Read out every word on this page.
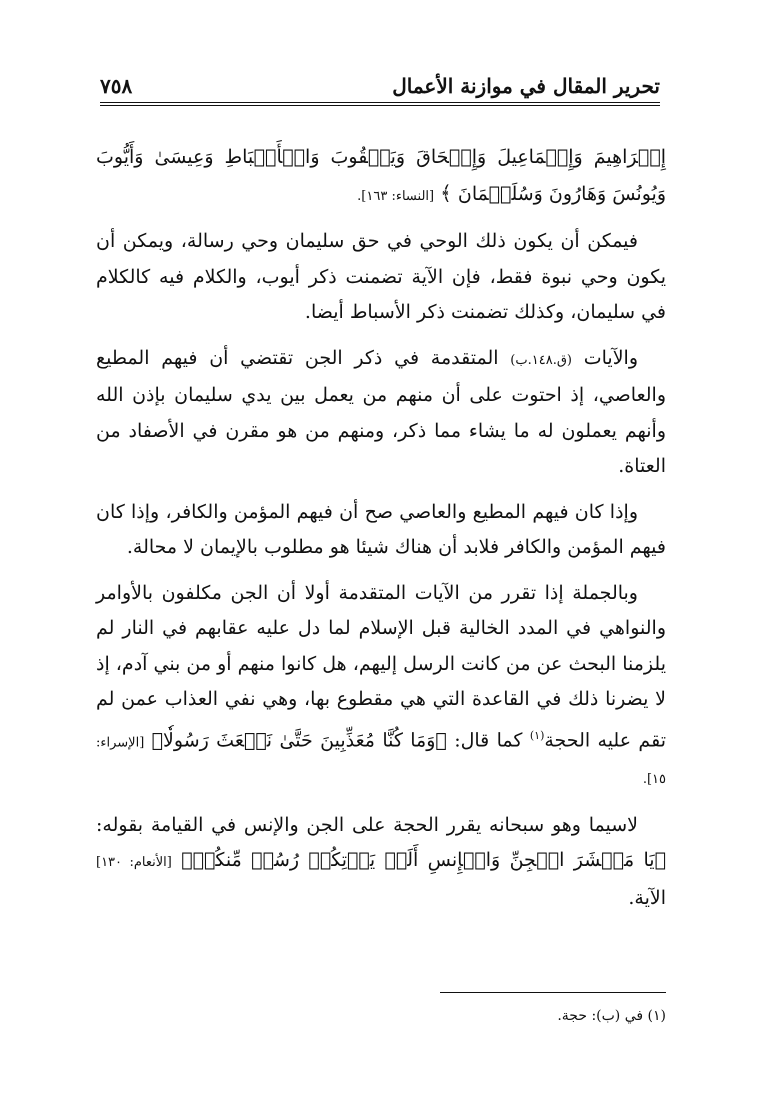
٧٥٨	تحرير المقال في موازنة الأعمال

إِبۡرَاهِيمَ وَإِسۡمَاعِيلَ وَإِسۡحَاقَ وَيَعۡقُوبَ وَالۡأَسۡبَاطِ وَعِيسَىٰ وَأَيُّوبَ وَيُونُسَ وَهَارُونَ وَسُلَيۡمَانَ ﴾ [النساء: ١٦٣].

فيمكن أن يكون ذلك الوحي في حق سليمان وحي رسالة، ويمكن أن يكون وحي نبوة فقط، فإن الآية تضمنت ذكر أيوب، والكلام فيه كالكلام في سليمان، وكذلك تضمنت ذكر الأسباط أيضا.

والآيات (ق.١٤٨.ب) المتقدمة في ذكر الجن تقتضي أن فيهم المطيع والعاصي، إذ احتوت على أن منهم من يعمل بين يدي سليمان بإذن الله وأنهم يعملون له ما يشاء مما ذكر، ومنهم من هو مقرن في الأصفاد من العتاة.

وإذا كان فيهم المطيع والعاصي صح أن فيهم المؤمن والكافر، وإذا كان فيهم المؤمن والكافر فلابد أن هناك شيئا هو مطلوب بالإيمان لا محالة.

وبالجملة إذا تقرر من الآيات المتقدمة أولا أن الجن مكلفون بالأوامر والنواهي في المدد الخالية قبل الإسلام لما دل عليه عقابهم في النار لم يلزمنا البحث عن من كانت الرسل إليهم، هل كانوا منهم أو من بني آدم، إذ لا يضرنا ذلك في القاعدة التي هي مقطوع بها، وهي نفي العذاب عمن لم تقم عليه الحجة$^{(١)}$ كما قال: ﴿وَمَا كُنَّا مُعَذِّبِينَ حَتَّىٰ نَبۡعَثَ رَسُولٗا﴾ [الإسراء: ١٥].

لاسيما وهو سبحانه يقرر الحجة على الجن والإنس في القيامة بقوله: ﴿يَا مَعۡشَرَ الۡجِنِّ وَالۡإِنسِ أَلَمۡ يَأۡتِكُمۡ رُسُلٞ مِّنكُمۡ﴾ [الأنعام: ١٣٠] الآية.

(١) في (ب): حجة.
